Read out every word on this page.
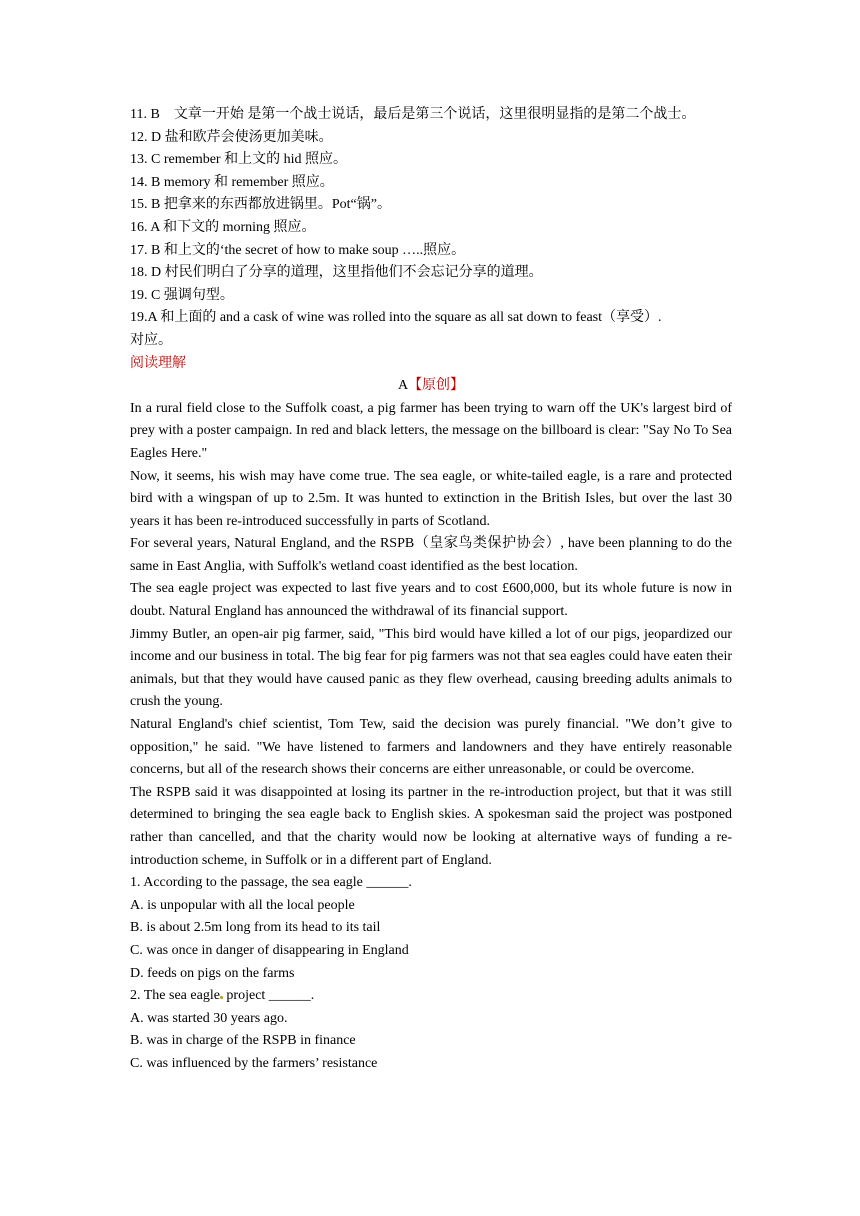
11. B　文章一开始 是第一个战士说话，最后是第三个说话，这里很明显指的是第二个战士。
12. D 盐和欧芹会使汤更加美味。
13. C remember 和上文的 hid 照应。
14. B memory 和 remember 照应。
15. B 把拿来的东西都放进锅里。Pot“锅”。
16. A 和下文的 morning 照应。
17. B 和上文的‘the secret of how to make soup …..照应。
18. D 村民们明白了分享的道理，这里指他们不会忘记分享的道理。
19. C 强调句型。
19.A 和上面的 and a cask of wine was rolled into the square as all sat down to feast（享受）.
对应。
阅读理解
A【原创】
In a rural field close to the Suffolk coast, a pig farmer has been trying to warn off the UK's largest bird of prey with a poster campaign. In red and black letters, the message on the billboard is clear: "Say No To Sea Eagles Here."
Now, it seems, his wish may have come true. The sea eagle, or white-tailed eagle, is a rare and protected bird with a wingspan of up to 2.5m. It was hunted to extinction in the British Isles, but over the last 30 years it has been re-introduced successfully in parts of Scotland.
For several years, Natural England, and the RSPB（皇家鸟类保护协会）, have been planning to do the same in East Anglia, with Suffolk's wetland coast identified as the best location.
The sea eagle project was expected to last five years and to cost £600,000, but its whole future is now in doubt. Natural England has announced the withdrawal of its financial support.
Jimmy Butler, an open-air pig farmer, said, "This bird would have killed a lot of our pigs, jeopardized our income and our business in total. The big fear for pig farmers was not that sea eagles could have eaten their animals, but that they would have caused panic as they flew overhead, causing breeding adults animals to crush the young.
Natural England's chief scientist, Tom Tew, said the decision was purely financial. "We don’t give to opposition," he said. "We have listened to farmers and landowners and they have entirely reasonable concerns, but all of the research shows their concerns are either unreasonable, or could be overcome.
The RSPB said it was disappointed at losing its partner in the re-introduction project, but that it was still determined to bringing the sea eagle back to English skies. A spokesman said the project was postponed rather than cancelled, and that the charity would now be looking at alternative ways of funding a re-introduction scheme, in Suffolk or in a different part of England.
1. According to the passage, the sea eagle ______.
A. is unpopular with all the local people
B. is about 2.5m long from its head to its tail
C. was once in danger of disappearing in England
D. feeds on pigs on the farms
2. The sea eagle project ______.
A. was started 30 years ago.
B. was in charge of the RSPB in finance
C. was influenced by the farmers’ resistance
